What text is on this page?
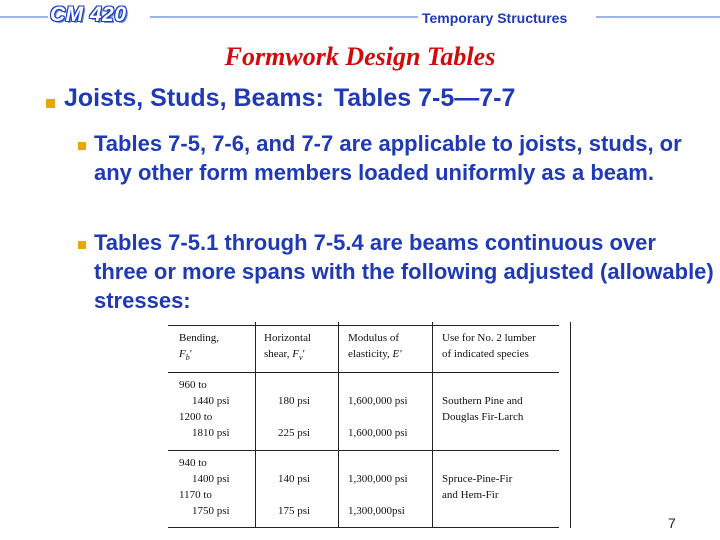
CM 420	Temporary Structures
Formwork Design Tables
Joists, Studs, Beams: Tables 7-5—7-7
Tables 7-5, 7-6, and 7-7 are applicable to joists, studs, or any other form members loaded uniformly as a beam.
Tables 7-5.1 through 7-5.4 are beams continuous over three or more spans with the following adjusted (allowable) stresses:
Bending,
$F_b'$
Horizontal
shear, $F_v'$
Modulus of
elasticity, E′
Use for No. 2 lumber
of indicated species
960 to
1440 psi
1200 to
1810 psi
180 psi
225 psi
1,600,000 psi
1,600,000 psi
Southern Pine and
Douglas Fir-Larch
940 to
1400 psi
1170 to
1750 psi
140 psi
175 psi
1,300,000 psi
1,300,000psi
Spruce-Pine-Fir
and Hem-Fir
7
